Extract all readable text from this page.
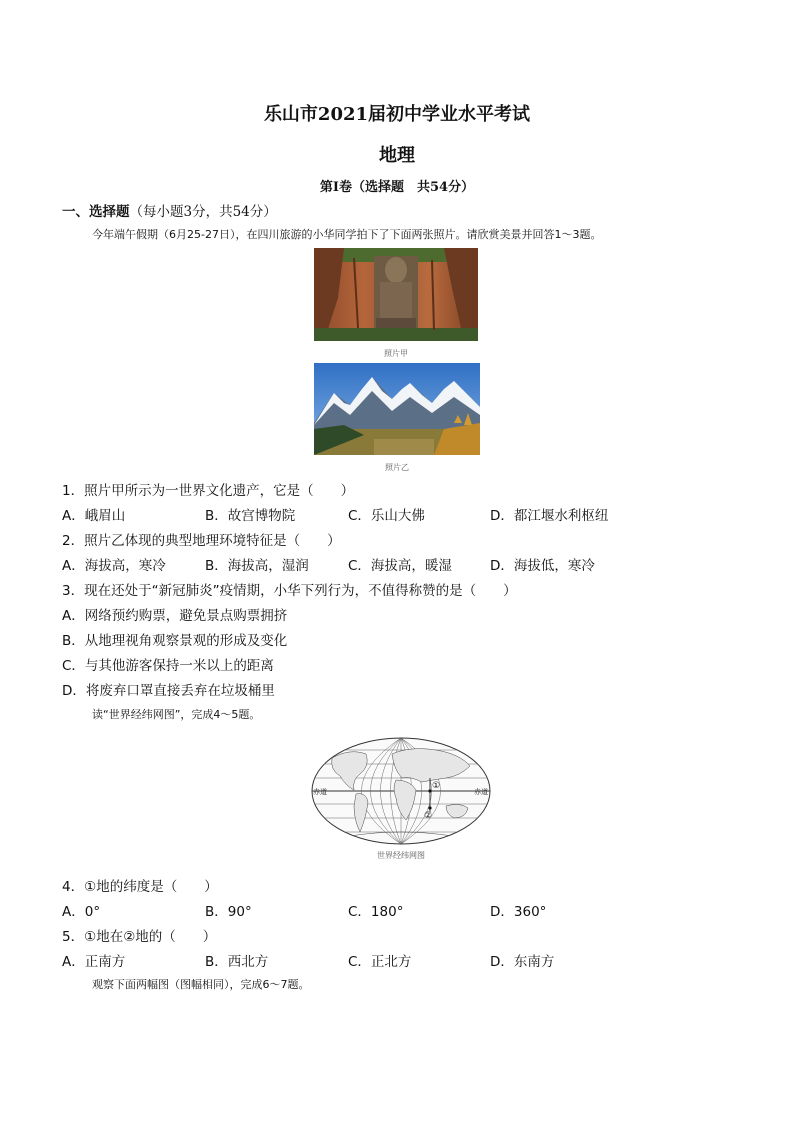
乐山市2021届初中学业水平考试
地理
第Ⅰ卷（选择题　共54分）
一、选择题（每小题3分，共54分）
今年端午假期（6月25-27日），在四川旅游的小华同学拍下了下面两张照片。请欣赏美景并回答1～3题。
照片甲
照片乙
1．照片甲所示为一世界文化遗产，它是（　　）
A．峨眉山	B．故宫博物院	C．乐山大佛	D．都江堰水利枢纽
2．照片乙体现的典型地理环境特征是（　　）
A．海拔高，寒冷	B．海拔高，湿润	C．海拔高，暖湿	D．海拔低，寒冷
3．现在还处于“新冠肺炎”疫情期，小华下列行为，不值得称赞的是（　　）
A．网络预约购票，避免景点购票拥挤
B．从地理视角观察景观的形成及变化
C．与其他游客保持一米以上的距离
D．将废弃口罩直接丢弃在垃圾桶里
读“世界经纬网图”，完成4～5题。
①
②
赤道	赤道
世界经纬网图
4．①地的纬度是（　　）
A．0°	B．90°	C．180°	D．360°
5．①地在②地的（　　）
A．正南方	B．西北方	C．正北方	D．东南方
观察下面两幅图（图幅相同），完成6～7题。
